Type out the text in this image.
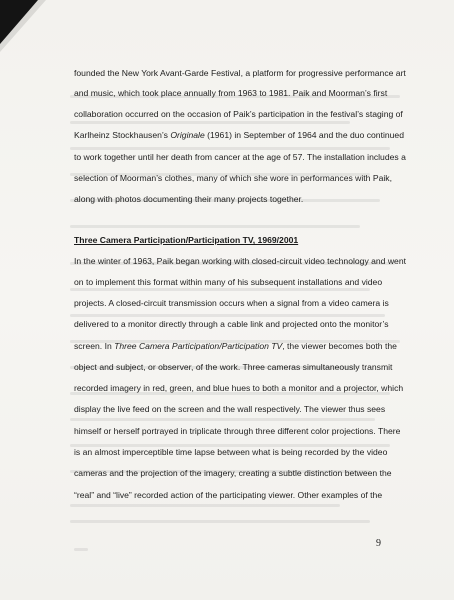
founded the New York Avant-Garde Festival, a platform for progressive performance art
and music, which took place annually from 1963 to 1981. Paik and Moorman’s first
collaboration occurred on the occasion of Paik’s participation in the festival’s staging of
Karlheinz Stockhausen’s Originale (1961) in September of 1964 and the duo continued
to work together until her death from cancer at the age of 57. The installation includes a
selection of Moorman’s clothes, many of which she wore in performances with Paik,
along with photos documenting their many projects together.
Three Camera Participation/Participation TV, 1969/2001
In the winter of 1963, Paik began working with closed-circuit video technology and went
on to implement this format within many of his subsequent installations and video
projects. A closed-circuit transmission occurs when a signal from a video camera is
delivered to a monitor directly through a cable link and projected onto the monitor’s
screen. In Three Camera Participation/Participation TV, the viewer becomes both the
object and subject, or observer, of the work. Three cameras simultaneously transmit
recorded imagery in red, green, and blue hues to both a monitor and a projector, which
display the live feed on the screen and the wall respectively. The viewer thus sees
himself or herself portrayed in triplicate through three different color projections. There
is an almost imperceptible time lapse between what is being recorded by the video
cameras and the projection of the imagery, creating a subtle distinction between the
“real” and “live” recorded action of the participating viewer. Other examples of the
9
